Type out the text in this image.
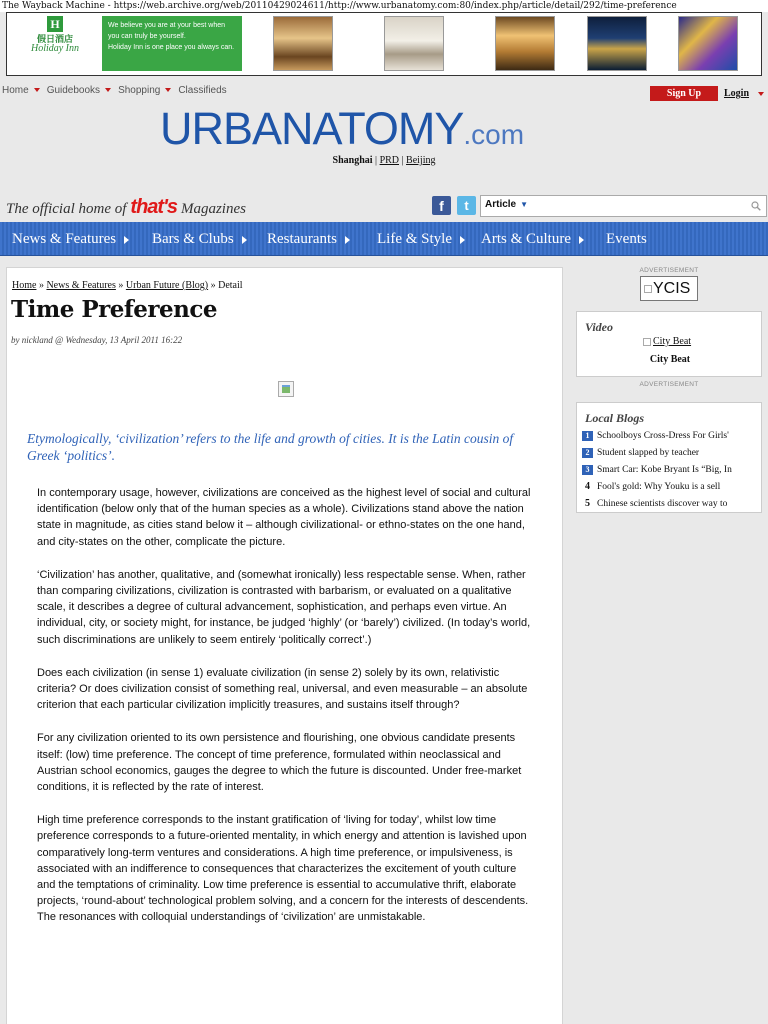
The Wayback Machine - https://web.archive.org/web/20110429024611/http://www.urbanatomy.com:80/index.php/article/detail/292/time-preference
H
假日酒店
Holiday Inn
We believe you are at your best when
you can truly be yourself.
Holiday Inn is one place you always can.
Home Guidebooks Shopping Classifieds	Sign Up	Login
URBANATOMY.com
Shanghai | PRD | Beijing
The official home of that's Magazines	f	t	Article ▼
News & Features	Bars & Clubs	Restaurants	Life & Style	Arts & Culture	Events
Home » News & Features » Urban Future (Blog) » Detail
Time Preference
by nickland @ Wednesday, 13 April 2011 16:22
Etymologically, ‘civilization’ refers to the life and growth of cities. It is the Latin cousin of Greek ‘politics’.

In contemporary usage, however, civilizations are conceived as the highest level of social and cultural identification (below only that of the human species as a whole). Civilizations stand above the nation state in magnitude, as cities stand below it – although civilizational- or ethno-states on the one hand, and city-states on the other, complicate the picture.

‘Civilization’ has another, qualitative, and (somewhat ironically) less respectable sense. When, rather than comparing civilizations, civilization is contrasted with barbarism, or evaluated on a qualitative scale, it describes a degree of cultural advancement, sophistication, and perhaps even virtue. An individual, city, or society might, for instance, be judged ‘highly’ (or ‘barely’) civilized. (In today’s world, such discriminations are unlikely to seem entirely ‘politically correct’.)

Does each civilization (in sense 1) evaluate civilization (in sense 2) solely by its own, relativistic criteria? Or does civilization consist of something real, universal, and even measurable – an absolute criterion that each particular civilization implicitly treasures, and sustains itself through?

For any civilization oriented to its own persistence and flourishing, one obvious candidate presents itself: (low) time preference. The concept of time preference, formulated within neoclassical and Austrian school economics, gauges the degree to which the future is discounted. Under free-market conditions, it is reflected by the rate of interest.

High time preference corresponds to the instant gratification of ‘living for today’, whilst low time preference corresponds to a future-oriented mentality, in which energy and attention is lavished upon comparatively long-term ventures and considerations. A high time preference, or impulsiveness, is associated with an indifference to consequences that characterizes the excitement of youth culture and the temptations of criminality. Low time preference is essential to accumulative thrift, elaborate projects, ‘round-about’ technological problem solving, and a concern for the interests of descendents. The resonances with colloquial understandings of ‘civilization’ are unmistakable.

ADVERTISEMENT
YCIS
Video
City Beat
City Beat
ADVERTISEMENT
Local Blogs
1 Schoolboys Cross-Dress For Girls'
2 Student slapped by teacher
3 Smart Car: Kobe Bryant Is “Big, In
4 Fool's gold: Why Youku is a sell
5 Chinese scientists discover way to
